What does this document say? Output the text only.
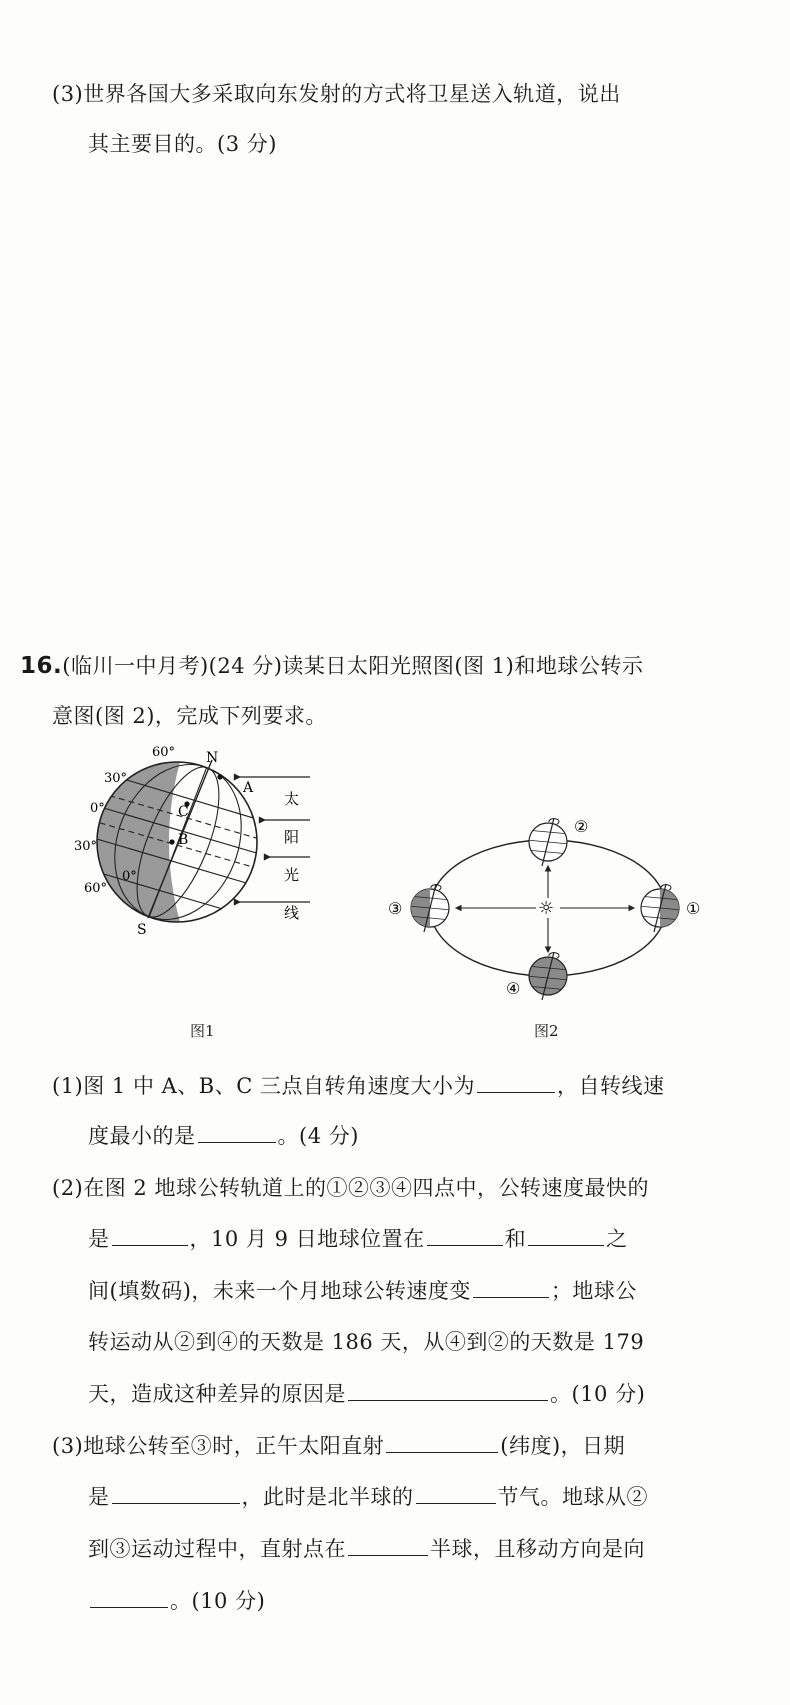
(3)世界各国大多采取向东发射的方式将卫星送入轨道，说出
其主要目的。(3 分)
16.(临川一中月考)(24 分)读某日太阳光照图(图 1)和地球公转示
意图(图 2)，完成下列要求。
60°
30°
0°
30°
60°
0°
N
S
A
B
C
太
阳
光
线
图1
☼	①
②
③
④
图2
(1)图 1 中 A、B、C 三点自转角速度大小为	，自转线速
度最小的是	。(4 分)
(2)在图 2 地球公转轨道上的①②③④四点中，公转速度最快的
是	，10 月 9 日地球位置在	和	之
间(填数码)，未来一个月地球公转速度变	；地球公
转运动从②到④的天数是 186 天，从④到②的天数是 179
天，造成这种差异的原因是	。(10 分)
(3)地球公转至③时，正午太阳直射	(纬度)，日期
是	，此时是北半球的	节气。地球从②
到③运动过程中，直射点在	半球，且移动方向是向
。(10 分)
